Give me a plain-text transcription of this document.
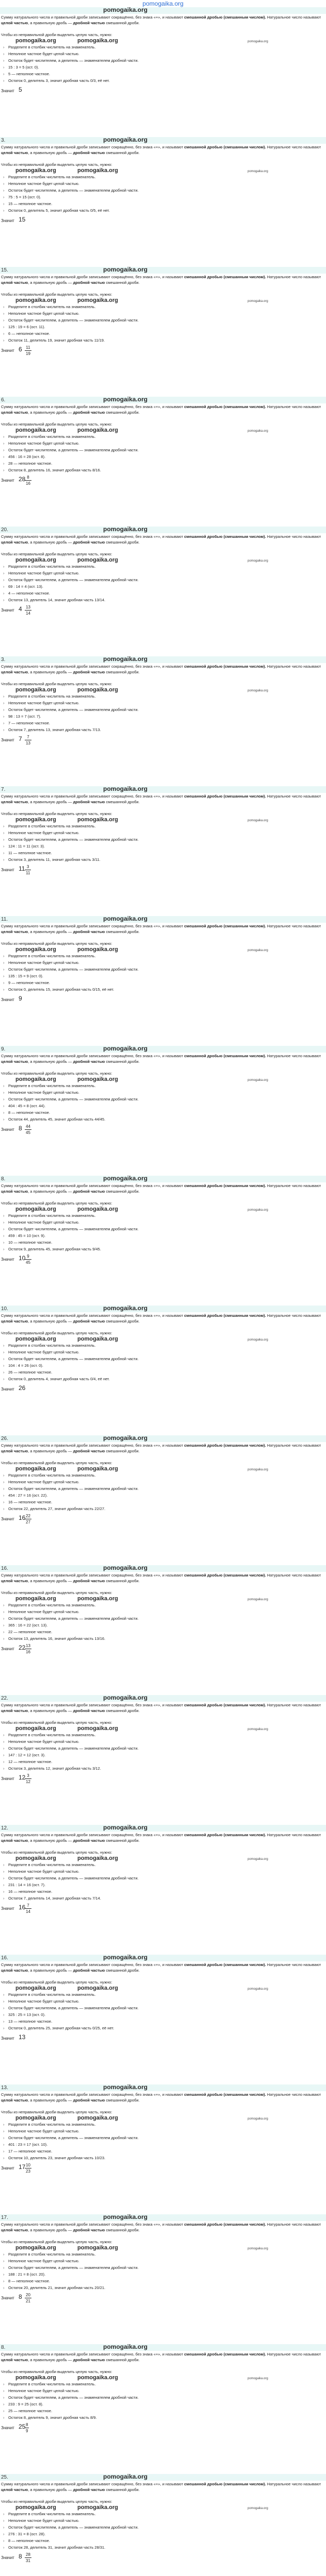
pomogaika.org
pomogaika.org
Сумму натурального числа и правильной дроби записывают сокращённо, без знака «+», и называют смешанной дробью (смешанным числом). Натуральное число называют целой частью, а правильную дробь — дробной частью смешанной дроби.
Чтобы из неправильной дроби выделить целую часть, нужно:
pomogaika.org	pomogaika.org	pomogaika.org
› Разделите в столбик числитель на знаменатель.
› Неполное частное будет целой частью.
› Остаток будет числителем, а делитель — знаменателем дробной части.
› 15 : 3 = 5 (ост. 0).
› 5 — неполное частное.
› Остаток 0, делитель 3, значит дробная часть 0/3, её нет.
Значит 5
3.	pomogaika.org
Сумму натурального числа и правильной дроби записывают сокращённо, без знака «+», и называют смешанной дробью (смешанным числом). Натуральное число называют целой частью, а правильную дробь — дробной частью смешанной дроби.
Чтобы из неправильной дроби выделить целую часть, нужно:
pomogaika.org	pomogaika.org	pomogaika.org
› Разделите в столбик числитель на знаменатель.
› Неполное частное будет целой частью.
› Остаток будет числителем, а делитель — знаменателем дробной части.
› 75 : 5 = 15 (ост. 0).
› 15 — неполное частное.
› Остаток 0, делитель 5, значит дробная часть 0/5, её нет.
Значит 15
15.	pomogaika.org
Сумму натурального числа и правильной дроби записывают сокращённо, без знака «+», и называют смешанной дробью (смешанным числом). Натуральное число называют целой частью, а правильную дробь — дробной частью смешанной дроби.
Чтобы из неправильной дроби выделить целую часть, нужно:
pomogaika.org	pomogaika.org	pomogaika.org
› Разделите в столбик числитель на знаменатель.
› Неполное частное будет целой частью.
› Остаток будет числителем, а делитель — знаменателем дробной части.
› 125 : 19 = 6 (ост. 11).
› 6 — неполное частное.
› Остаток 11, делитель 19, значит дробная часть 11/19.
Значит $6 \frac{11}{19}$
6.	pomogaika.org
Сумму натурального числа и правильной дроби записывают сокращённо, без знака «+», и называют смешанной дробью (смешанным числом). Натуральное число называют целой частью, а правильную дробь — дробной частью смешанной дроби.
Чтобы из неправильной дроби выделить целую часть, нужно:
pomogaika.org	pomogaika.org	pomogaika.org
› Разделите в столбик числитель на знаменатель.
› Неполное частное будет целой частью.
› Остаток будет числителем, а делитель — знаменателем дробной части.
› 456 : 16 = 28 (ост. 8).
› 28 — неполное частное.
› Остаток 8, делитель 16, значит дробная часть 8/16.
Значит 28
$\frac{8}{16}$
20.	pomogaika.org
Сумму натурального числа и правильной дроби записывают сокращённо, без знака «+», и называют смешанной дробью (смешанным числом). Натуральное число называют целой частью, а правильную дробь — дробной частью смешанной дроби.
Чтобы из неправильной дроби выделить целую часть, нужно:
pomogaika.org	pomogaika.org	pomogaika.org
› Разделите в столбик числитель на знаменатель.
› Неполное частное будет целой частью.
› Остаток будет числителем, а делитель — знаменателем дробной части.
› 69 : 14 = 4 (ост. 13).
› 4 — неполное частное.
› Остаток 13, делитель 14, значит дробная часть 13/14.
Значит $4 \frac{13}{14}$
3.	pomogaika.org
Сумму натурального числа и правильной дроби записывают сокращённо, без знака «+», и называют смешанной дробью (смешанным числом). Натуральное число называют целой частью, а правильную дробь — дробной частью смешанной дроби.
Чтобы из неправильной дроби выделить целую часть, нужно:
pomogaika.org	pomogaika.org	pomogaika.org
› Разделите в столбик числитель на знаменатель.
› Неполное частное будет целой частью.
› Остаток будет числителем, а делитель — знаменателем дробной части.
› 98 : 13 = 7 (ост. 7).
› 7 — неполное частное.
› Остаток 7, делитель 13, значит дробная часть 7/13.
Значит $7 \frac{7}{13}$
7.	pomogaika.org
Сумму натурального числа и правильной дроби записывают сокращённо, без знака «+», и называют смешанной дробью (смешанным числом). Натуральное число называют целой частью, а правильную дробь — дробной частью смешанной дроби.
Чтобы из неправильной дроби выделить целую часть, нужно:
pomogaika.org	pomogaika.org	pomogaika.org
› Разделите в столбик числитель на знаменатель.
› Неполное частное будет целой частью.
› Остаток будет числителем, а делитель — знаменателем дробной части.
› 124 : 11 = 11 (ост. 3).
› 11 — неполное частное.
› Остаток 3, делитель 11, значит дробная часть 3/11.
Значит $11 \frac{3}{11}$
11.	pomogaika.org
Сумму натурального числа и правильной дроби записывают сокращённо, без знака «+», и называют смешанной дробью (смешанным числом). Натуральное число называют целой частью, а правильную дробь — дробной частью смешанной дроби.
Чтобы из неправильной дроби выделить целую часть, нужно:
pomogaika.org	pomogaika.org	pomogaika.org
› Разделите в столбик числитель на знаменатель.
› Неполное частное будет целой частью.
› Остаток будет числителем, а делитель — знаменателем дробной части.
› 135 : 15 = 9 (ост. 0).
› 9 — неполное частное.
› Остаток 0, делитель 15, значит дробная часть 0/15, её нет.
Значит 9
9.	pomogaika.org
Сумму натурального числа и правильной дроби записывают сокращённо, без знака «+», и называют смешанной дробью (смешанным числом). Натуральное число называют целой частью, а правильную дробь — дробной частью смешанной дроби.
Чтобы из неправильной дроби выделить целую часть, нужно:
pomogaika.org	pomogaika.org	pomogaika.org
› Разделите в столбик числитель на знаменатель.
› Неполное частное будет целой частью.
› Остаток будет числителем, а делитель — знаменателем дробной части.
› 404 : 45 = 8 (ост. 44).
› 8 — неполное частное.
› Остаток 44, делитель 45, значит дробная часть 44/45.
Значит $8 \frac{44}{45}$
8.	pomogaika.org
Сумму натурального числа и правильной дроби записывают сокращённо, без знака «+», и называют смешанной дробью (смешанным числом). Натуральное число называют целой частью, а правильную дробь — дробной частью смешанной дроби.
Чтобы из неправильной дроби выделить целую часть, нужно:
pomogaika.org	pomogaika.org	pomogaika.org
› Разделите в столбик числитель на знаменатель.
› Неполное частное будет целой частью.
› Остаток будет числителем, а делитель — знаменателем дробной части.
› 459 : 45 = 10 (ост. 9).
› 10 — неполное частное.
› Остаток 9, делитель 45, значит дробная часть 9/45.
Значит 10
$\frac{9}{45}$
10.	pomogaika.org
Сумму натурального числа и правильной дроби записывают сокращённо, без знака «+», и называют смешанной дробью (смешанным числом). Натуральное число называют целой частью, а правильную дробь — дробной частью смешанной дроби.
Чтобы из неправильной дроби выделить целую часть, нужно:
pomogaika.org	pomogaika.org	pomogaika.org
› Разделите в столбик числитель на знаменатель.
› Неполное частное будет целой частью.
› Остаток будет числителем, а делитель — знаменателем дробной части.
› 104 : 4 = 26 (ост. 0).
› 26 — неполное частное.
› Остаток 0, делитель 4, значит дробная часть 0/4, её нет.
Значит 26
26.	pomogaika.org
Сумму натурального числа и правильной дроби записывают сокращённо, без знака «+», и называют смешанной дробью (смешанным числом). Натуральное число называют целой частью, а правильную дробь — дробной частью смешанной дроби.
Чтобы из неправильной дроби выделить целую часть, нужно:
pomogaika.org	pomogaika.org	pomogaika.org
› Разделите в столбик числитель на знаменатель.
› Неполное частное будет целой частью.
› Остаток будет числителем, а делитель — знаменателем дробной части.
› 454 : 27 = 16 (ост. 22).
› 16 — неполное частное.
› Остаток 22, делитель 27, значит дробная часть 22/27.
Значит 16
$\frac{22}{27}$
16.	pomogaika.org
Сумму натурального числа и правильной дроби записывают сокращённо, без знака «+», и называют смешанной дробью (смешанным числом). Натуральное число называют целой частью, а правильную дробь — дробной частью смешанной дроби.
Чтобы из неправильной дроби выделить целую часть, нужно:
pomogaika.org	pomogaika.org	pomogaika.org
› Разделите в столбик числитель на знаменатель.
› Неполное частное будет целой частью.
› Остаток будет числителем, а делитель — знаменателем дробной части.
› 365 : 16 = 22 (ост. 13).
› 22 — неполное частное.
› Остаток 13, делитель 16, значит дробная часть 13/16.
Значит 22
$\frac{13}{16}$
22.	pomogaika.org
Сумму натурального числа и правильной дроби записывают сокращённо, без знака «+», и называют смешанной дробью (смешанным числом). Натуральное число называют целой частью, а правильную дробь — дробной частью смешанной дроби.
Чтобы из неправильной дроби выделить целую часть, нужно:
pomogaika.org	pomogaika.org	pomogaika.org
› Разделите в столбик числитель на знаменатель.
› Неполное частное будет целой частью.
› Остаток будет числителем, а делитель — знаменателем дробной части.
› 147 : 12 = 12 (ост. 3).
› 12 — неполное частное.
› Остаток 3, делитель 12, значит дробная часть 3/12.
Значит 12
$\frac{3}{12}$
12.	pomogaika.org
Сумму натурального числа и правильной дроби записывают сокращённо, без знака «+», и называют смешанной дробью (смешанным числом). Натуральное число называют целой частью, а правильную дробь — дробной частью смешанной дроби.
Чтобы из неправильной дроби выделить целую часть, нужно:
pomogaika.org	pomogaika.org	pomogaika.org
› Разделите в столбик числитель на знаменатель.
› Неполное частное будет целой частью.
› Остаток будет числителем, а делитель — знаменателем дробной части.
› 231 : 14 = 16 (ост. 7).
› 16 — неполное частное.
› Остаток 7, делитель 14, значит дробная часть 7/14.
Значит 16
$\frac{7}{14}$
16.	pomogaika.org
Сумму натурального числа и правильной дроби записывают сокращённо, без знака «+», и называют смешанной дробью (смешанным числом). Натуральное число называют целой частью, а правильную дробь — дробной частью смешанной дроби.
Чтобы из неправильной дроби выделить целую часть, нужно:
pomogaika.org	pomogaika.org	pomogaika.org
› Разделите в столбик числитель на знаменатель.
› Неполное частное будет целой частью.
› Остаток будет числителем, а делитель — знаменателем дробной части.
› 325 : 25 = 13 (ост. 0).
› 13 — неполное частное.
› Остаток 0, делитель 25, значит дробная часть 0/25, её нет.
Значит 13
13.	pomogaika.org
Сумму натурального числа и правильной дроби записывают сокращённо, без знака «+», и называют смешанной дробью (смешанным числом). Натуральное число называют целой частью, а правильную дробь — дробной частью смешанной дроби.
Чтобы из неправильной дроби выделить целую часть, нужно:
pomogaika.org	pomogaika.org	pomogaika.org
› Разделите в столбик числитель на знаменатель.
› Неполное частное будет целой частью.
› Остаток будет числителем, а делитель — знаменателем дробной части.
› 401 : 23 = 17 (ост. 10).
› 17 — неполное частное.
› Остаток 10, делитель 23, значит дробная часть 10/23.
Значит 17
$\frac{10}{23}$
17.	pomogaika.org
Сумму натурального числа и правильной дроби записывают сокращённо, без знака «+», и называют смешанной дробью (смешанным числом). Натуральное число называют целой частью, а правильную дробь — дробной частью смешанной дроби.
Чтобы из неправильной дроби выделить целую часть, нужно:
pomogaika.org	pomogaika.org	pomogaika.org
› Разделите в столбик числитель на знаменатель.
› Неполное частное будет целой частью.
› Остаток будет числителем, а делитель — знаменателем дробной части.
› 188 : 21 = 8 (ост. 20).
› 8 — неполное частное.
› Остаток 20, делитель 21, значит дробная часть 20/21.
Значит $8 \frac{20}{21}$
8.	pomogaika.org
Сумму натурального числа и правильной дроби записывают сокращённо, без знака «+», и называют смешанной дробью (смешанным числом). Натуральное число называют целой частью, а правильную дробь — дробной частью смешанной дроби.
Чтобы из неправильной дроби выделить целую часть, нужно:
pomogaika.org	pomogaika.org	pomogaika.org
› Разделите в столбик числитель на знаменатель.
› Неполное частное будет целой частью.
› Остаток будет числителем, а делитель — знаменателем дробной части.
› 233 : 9 = 25 (ост. 8).
› 25 — неполное частное.
› Остаток 8, делитель 9, значит дробная часть 8/9.
Значит 25
$\frac{8}{9}$
25.	pomogaika.org
Сумму натурального числа и правильной дроби записывают сокращённо, без знака «+», и называют смешанной дробью (смешанным числом). Натуральное число называют целой частью, а правильную дробь — дробной частью смешанной дроби.
Чтобы из неправильной дроби выделить целую часть, нужно:
pomogaika.org	pomogaika.org	pomogaika.org
› Разделите в столбик числитель на знаменатель.
› Неполное частное будет целой частью.
› Остаток будет числителем, а делитель — знаменателем дробной части.
› 276 : 31 = 8 (ост. 28).
› 8 — неполное частное.
› Остаток 28, делитель 31, значит дробная часть 28/31.
Значит $8 \frac{28}{31}$
